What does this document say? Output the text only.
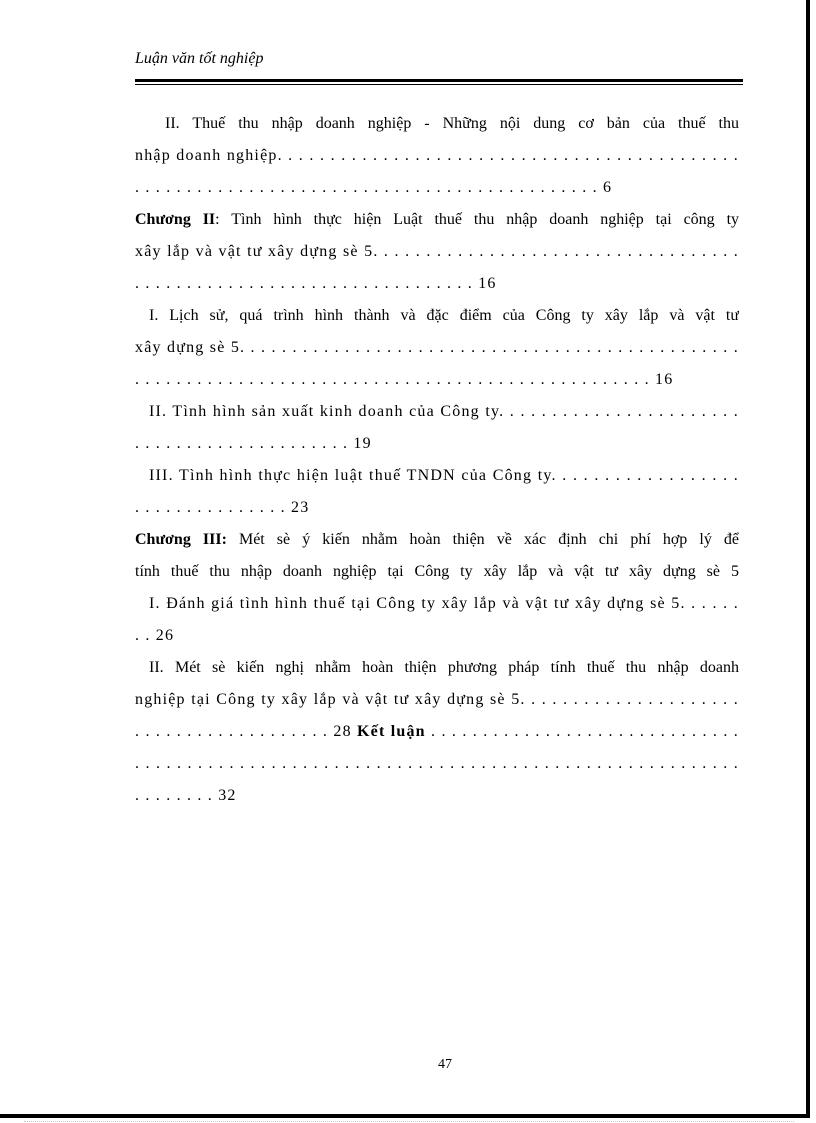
Luận văn tốt nghiệp
II. Thuế thu nhập doanh nghiệp - Những nội dung cơ bản của thuế thu
nhập doanh nghiệp. . . . . . . . . . . . . . . . . . . . . . . . . . . . . . . . . . . . . . . . . . . .
. . . . . . . . . . . . . . . . . . . . . . . . . . . . . . . . . . . . . . . . . . . . . 6
Chương II: Tình hình thực hiện Luật thuế thu nhập doanh nghiệp tại công ty
xây lắp và vật tư xây dựng sè 5. . . . . . . . . . . . . . . . . . . . . . . . . . . . . . . . . . .
. . . . . . . . . . . . . . . . . . . . . . . . . . . . . . . . . 16
I. Lịch sử, quá trình hình thành và đặc điểm của Công ty xây lắp và vật tư
xây dựng sè 5. . . . . . . . . . . . . . . . . . . . . . . . . . . . . . . . . . . . . . . . . . . . . . . .
. . . . . . . . . . . . . . . . . . . . . . . . . . . . . . . . . . . . . . . . . . . . . . . . . . 16
II. Tình hình sản xuất kinh doanh của Công ty. . . . . . . . . . . . . . . . . . . . . . .
. . . . . . . . . . . . . . . . . . . . . 19
III. Tình hình thực hiện luật thuế TNDN của Công ty. . . . . . . . . . . . . . . . . .
. . . . . . . . . . . . . . . 23
Chương III: Mét sè ý kiến nhằm hoàn thiện về xác định chi phí hợp lý để
tính thuế thu nhập doanh nghiệp tại Công ty xây lắp và vật tư xây dựng sè 5
I. Đánh giá tình hình thuế tại Công ty xây lắp và vật tư xây dựng sè 5. . . . . .
. . 26
II. Mét sè kiến nghị nhằm hoàn thiện phương pháp tính thuế thu nhập doanh
nghiệp tại Công ty xây lắp và vật tư xây dựng sè 5. . . . . . . . . . . . . . . . . . . . .
. . . . . . . . . . . . . . . . . . . 28 Kết luận . . . . . . . . . . . . . . . . . . . . . . . . . . . . . .
. . . . . . . . . . . . . . . . . . . . . . . . . . . . . . . . . . . . . . . . . . . . . . . . . . . . . . . . . .
. . . . . . . . 32
47
